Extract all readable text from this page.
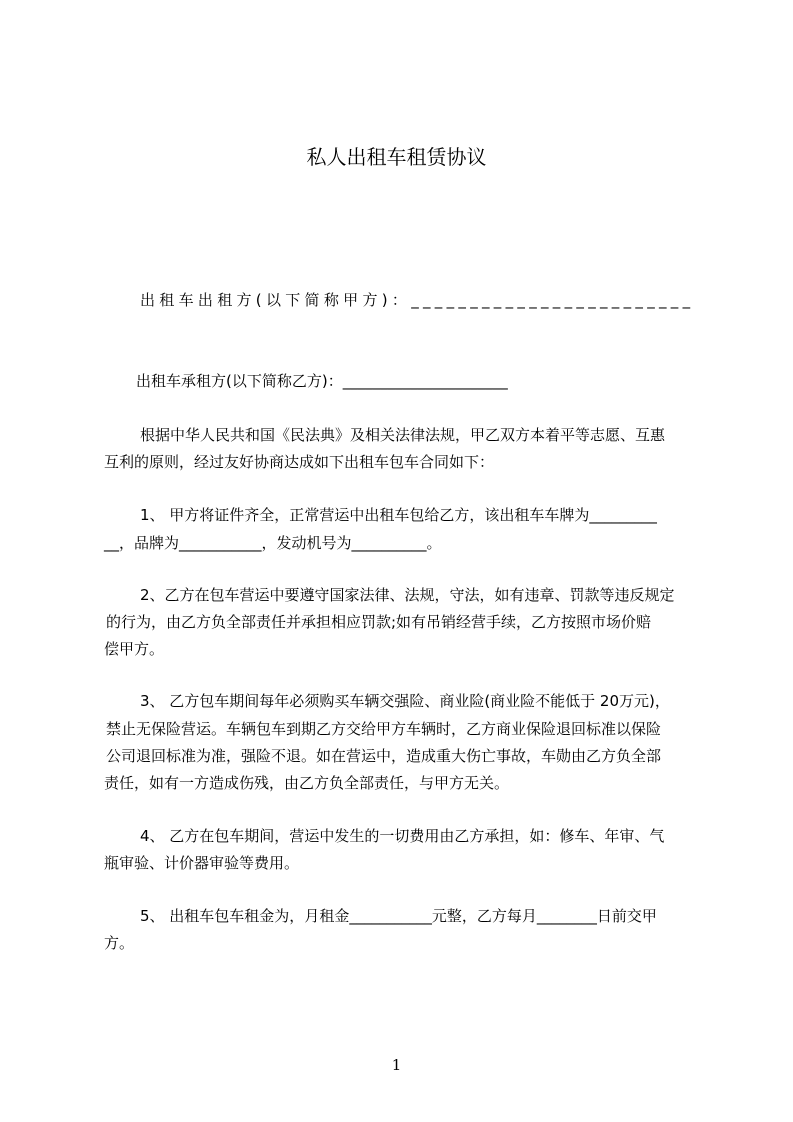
私人出租车租赁协议

出租车出租方(以下简称甲方)：________________________

出租车承租方(以下简称乙方)：______________________

根据中华人民共和国《民法典》及相关法律法规，甲乙双方本着平等志愿、互惠

互利的原则，经过友好协商达成如下出租车包车合同如下：

1、 甲方将证件齐全，正常营运中出租车包给乙方，该出租车车牌为_________

__，品牌为___________，发动机号为__________。

2、乙方在包车营运中要遵守国家法律、法规，守法，如有违章、罚款等违反规定

的行为，由乙方负全部责任并承担相应罚款;如有吊销经营手续，乙方按照市场价赔

偿甲方。

3、 乙方包车期间每年必须购买车辆交强险、商业险(商业险不能低于 20万元)，

禁止无保险营运。车辆包车到期乙方交给甲方车辆时，乙方商业保险退回标准以保险

公司退回标准为准，强险不退。如在营运中，造成重大伤亡事故，车勋由乙方负全部

责任，如有一方造成伤残，由乙方负全部责任，与甲方无关。

4、 乙方在包车期间，营运中发生的一切费用由乙方承担，如：修车、年审、气

瓶审验、计价器审验等费用。

5、 出租车包车租金为，月租金___________元整，乙方每月________日前交甲

方。

1
